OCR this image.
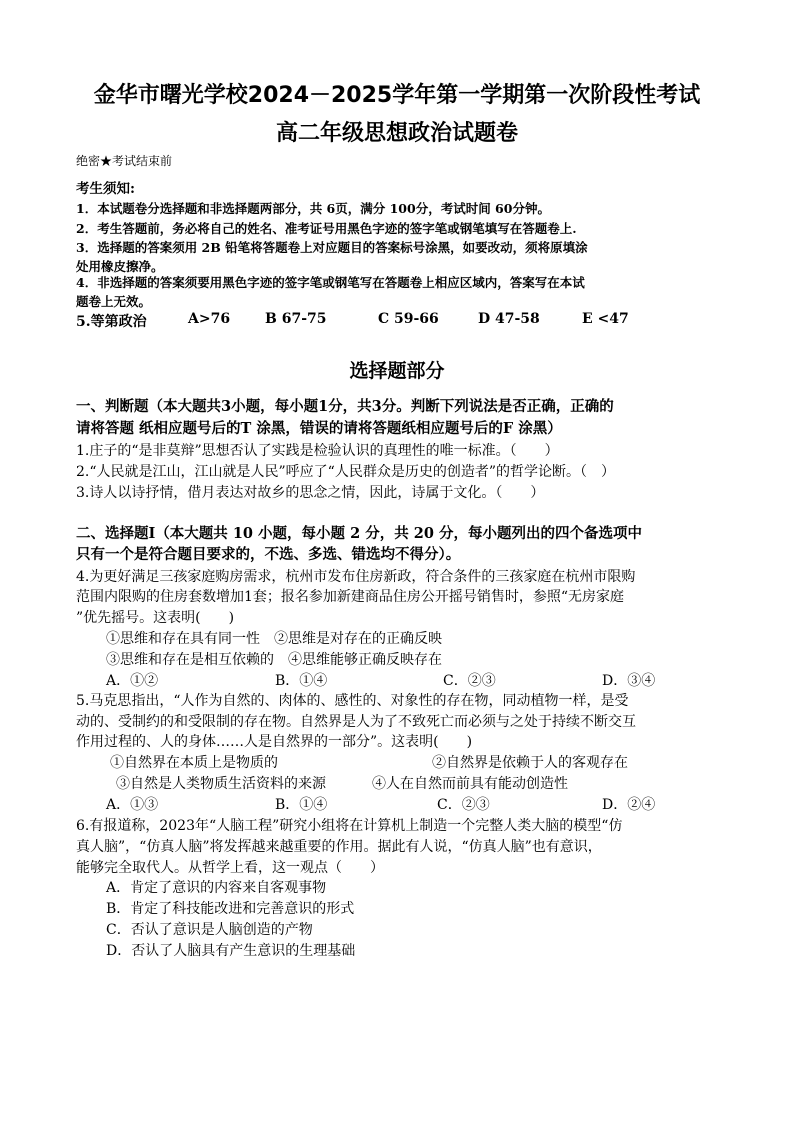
金华市曙光学校2024－2025学年第一学期第一次阶段性考试
高二年级思想政治试题卷
绝密★考试结束前
考生须知:
1．本试题卷分选择题和非选择题两部分，共 6页，满分 100分，考试时间 60分钟。
2．考生答题前，务必将自己的姓名、准考证号用黑色字迹的签字笔或钢笔填写在答题卷上.
3．选择题的答案须用 2B 铅笔将答题卷上对应题目的答案标号涂黑，如要改动，须将原填涂
处用橡皮擦净。
4．非选择题的答案须要用黑色字迹的签字笔或钢笔写在答题卷上相应区域内，答案写在本试
题卷上无效。
5.等第政治	A>76 B 67-75	C 59-66	D 47-58	E <47
选择题部分
一、判断题（本大题共3小题，每小题1分，共3分。判断下列说法是否正确，正确的
请将答题 纸相应题号后的T 涂黑，错误的请将答题纸相应题号后的F 涂黑）
1.庄子的“是非莫辩”思想否认了实践是检验认识的真理性的唯一标准。（　　）
2.“人民就是江山，江山就是人民”呼应了“人民群众是历史的创造者”的哲学论断。（　）
3.诗人以诗抒情，借月表达对故乡的思念之情，因此，诗属于文化。（　　）
二、选择题Ⅰ（本大题共 10 小题，每小题 2 分，共 20 分，每小题列出的四个备选项中
只有一个是符合题目要求的，不选、多选、错选均不得分）。
4.为更好满足三孩家庭购房需求，杭州市发布住房新政，符合条件的三孩家庭在杭州市限购
范围内限购的住房套数增加1套；报名参加新建商品住房公开摇号销售时，参照“无房家庭
”优先摇号。这表明(　　)
①思维和存在具有同一性　②思维是对存在的正确反映
③思维和存在是相互依赖的　④思维能够正确反映存在
A．①②	B．①④	C．②③	D．③④
5.马克思指出，“人作为自然的、肉体的、感性的、对象性的存在物，同动植物一样，是受
动的、受制约的和受限制的存在物。自然界是人为了不致死亡而必须与之处于持续不断交互
作用过程的、人的身体……人是自然界的一部分”。这表明(　　)
①自然界在本质上是物质的	②自然界是依赖于人的客观存在
③自然是人类物质生活资料的来源	④人在自然而前具有能动创造性
A．①③	B．①④	C．②③	D．②④
6.有报道称，2023年“人脑工程”研究小组将在计算机上制造一个完整人类大脑的模型“仿
真人脑”，“仿真人脑”将发挥越来越重要的作用。据此有人说，“仿真人脑”也有意识，
能够完全取代人。从哲学上看，这一观点（　　）
A．肯定了意识的内容来自客观事物
B．肯定了科技能改进和完善意识的形式
C．否认了意识是人脑创造的产物
D．否认了人脑具有产生意识的生理基础
